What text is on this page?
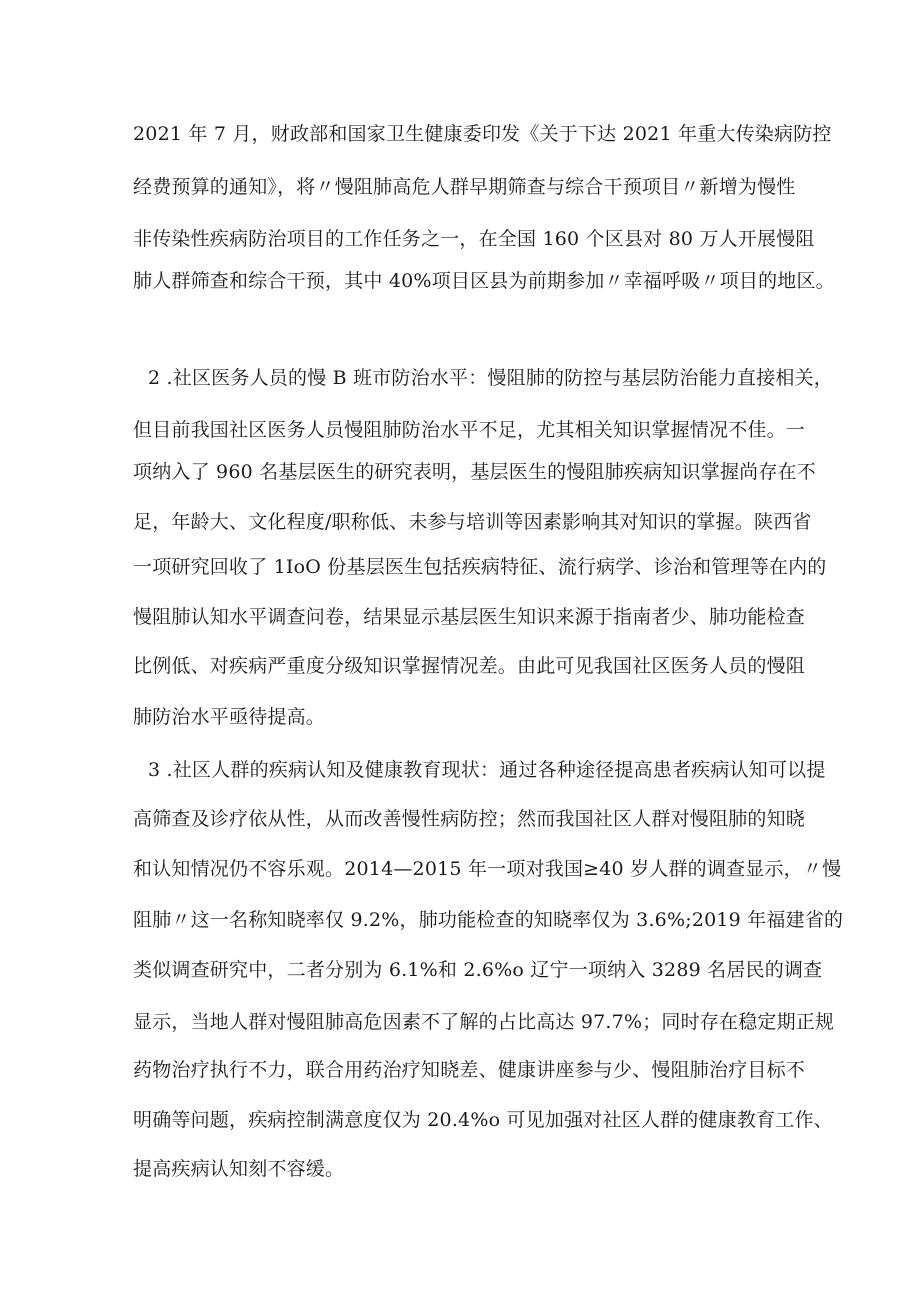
2021 年 7 月，财政部和国家卫生健康委印发《关于下达 2021 年重大传染病防控
经费预算的通知》，将〃慢阻肺高危人群早期筛查与综合干预项目〃新增为慢性
非传染性疾病防治项目的工作任务之一，在全国 160 个区县对 80 万人开展慢阻
肺人群筛查和综合干预，其中 40%项目区县为前期参加〃幸福呼吸〃项目的地区。
2 .社区医务人员的慢 B 班市防治水平：慢阻肺的防控与基层防治能力直接相关，
但目前我国社区医务人员慢阻肺防治水平不足，尤其相关知识掌握情况不佳。一
项纳入了 960 名基层医生的研究表明，基层医生的慢阻肺疾病知识掌握尚存在不
足，年龄大、文化程度/职称低、未参与培训等因素影响其对知识的掌握。陕西省
一项研究回收了 1IoO 份基层医生包括疾病特征、流行病学、诊治和管理等在内的
慢阻肺认知水平调查问卷，结果显示基层医生知识来源于指南者少、肺功能检查
比例低、对疾病严重度分级知识掌握情况差。由此可见我国社区医务人员的慢阻
肺防治水平亟待提高。
3 .社区人群的疾病认知及健康教育现状：通过各种途径提高患者疾病认知可以提
高筛查及诊疗依从性，从而改善慢性病防控；然而我国社区人群对慢阻肺的知晓
和认知情况仍不容乐观。2014—2015 年一项对我国≥40 岁人群的调查显示，〃慢
阻肺〃这一名称知晓率仅 9.2%，肺功能检查的知晓率仅为 3.6%;2019 年福建省的
类似调查研究中，二者分别为 6.1%和 2.6%o 辽宁一项纳入 3289 名居民的调查
显示，当地人群对慢阻肺高危因素不了解的占比高达 97.7%；同时存在稳定期正规
药物治疗执行不力，联合用药治疗知晓差、健康讲座参与少、慢阻肺治疗目标不
明确等问题，疾病控制满意度仅为 20.4%o 可见加强对社区人群的健康教育工作、
提高疾病认知刻不容缓。
